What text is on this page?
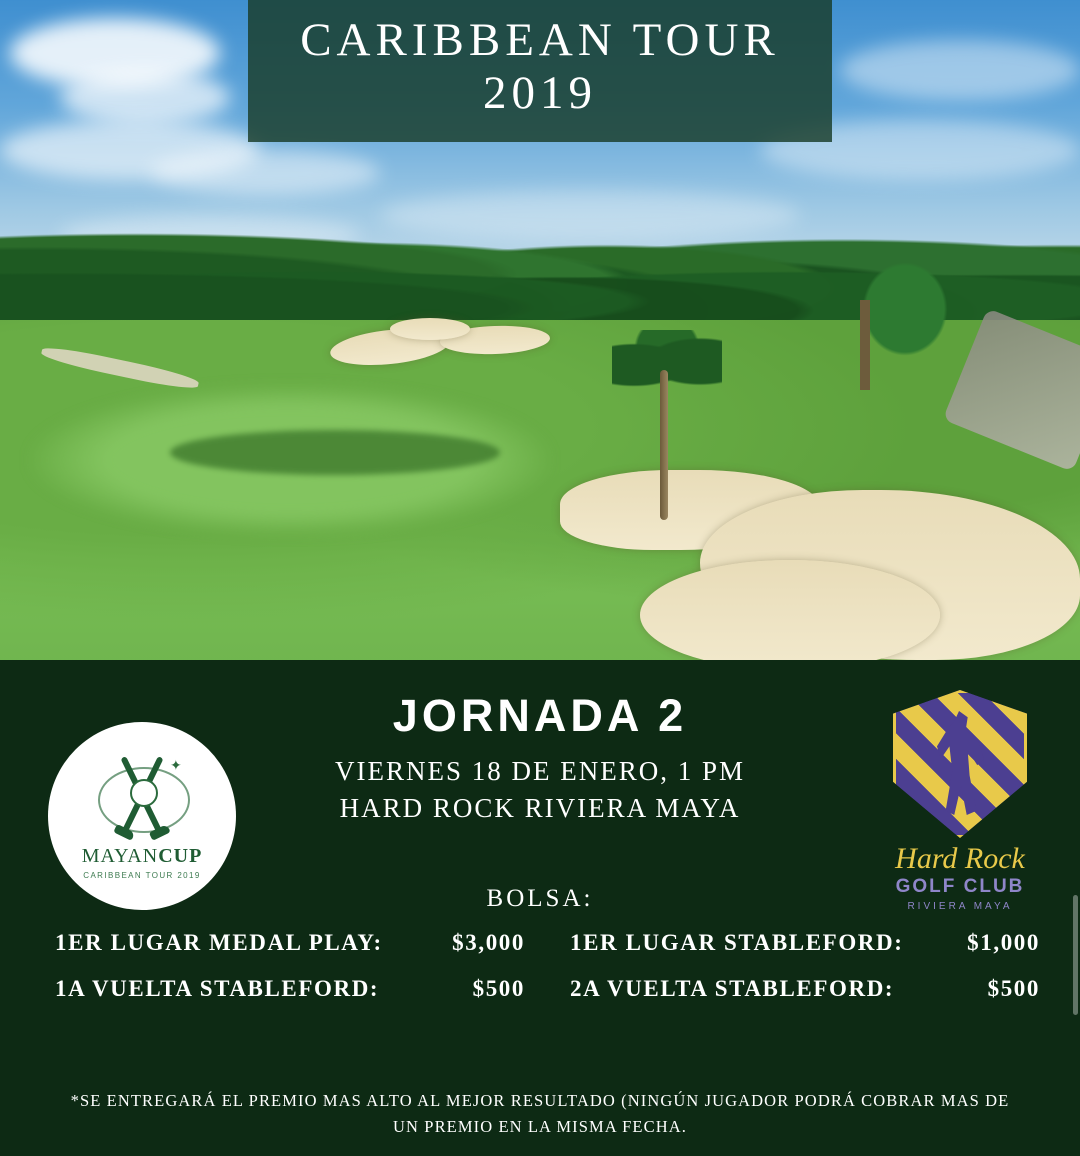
CARIBBEAN TOUR
2019
✦
MAYANCUP
CARIBBEAN TOUR 2019	Hard Rock
GOLF CLUB
RIVIERA MAYA
JORNADA 2
VIERNES 18 DE ENERO, 1 PM
HARD ROCK RIVIERA MAYA
BOLSA:
1ER LUGAR MEDAL PLAY:	$3,000 1ER LUGAR STABLEFORD:	$1,000
1A VUELTA STABLEFORD:	$500 2A VUELTA STABLEFORD:	$500
*SE ENTREGARÁ EL PREMIO MAS ALTO AL MEJOR RESULTADO (NINGÚN JUGADOR PODRÁ COBRAR MAS DE UN PREMIO EN LA MISMA FECHA.
